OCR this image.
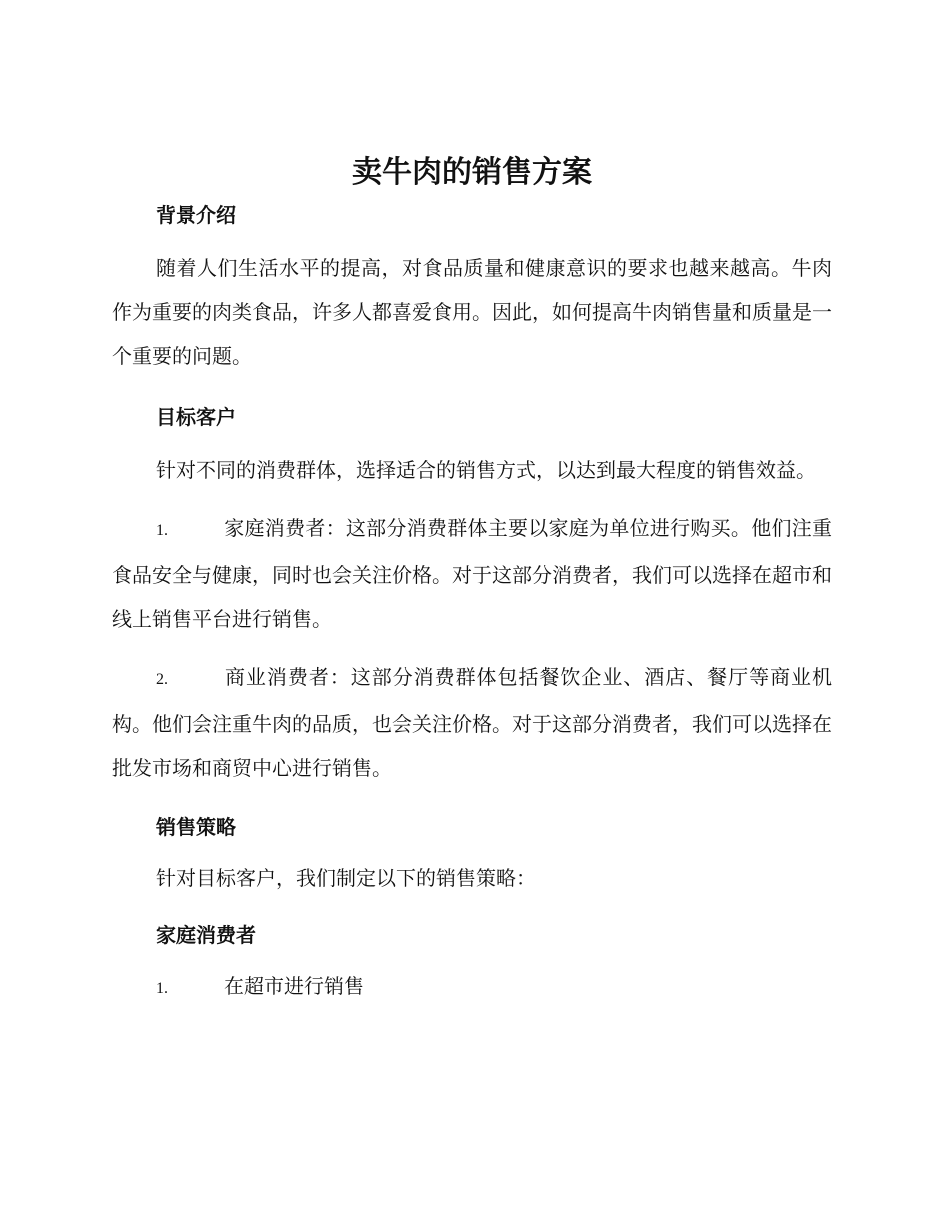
卖牛肉的销售方案
背景介绍

随着人们生活水平的提高，对食品质量和健康意识的要求也越来越高。牛肉作为重要的肉类食品，许多人都喜爱食用。因此，如何提高牛肉销售量和质量是一个重要的问题。

目标客户

针对不同的消费群体，选择适合的销售方式，以达到最大程度的销售效益。

1.	家庭消费者：这部分消费群体主要以家庭为单位进行购买。他们注重食品安全与健康，同时也会关注价格。对于这部分消费者，我们可以选择在超市和线上销售平台进行销售。

2.	商业消费者：这部分消费群体包括餐饮企业、酒店、餐厅等商业机构。他们会注重牛肉的品质，也会关注价格。对于这部分消费者，我们可以选择在批发市场和商贸中心进行销售。

销售策略

针对目标客户，我们制定以下的销售策略：

家庭消费者

1.	在超市进行销售
